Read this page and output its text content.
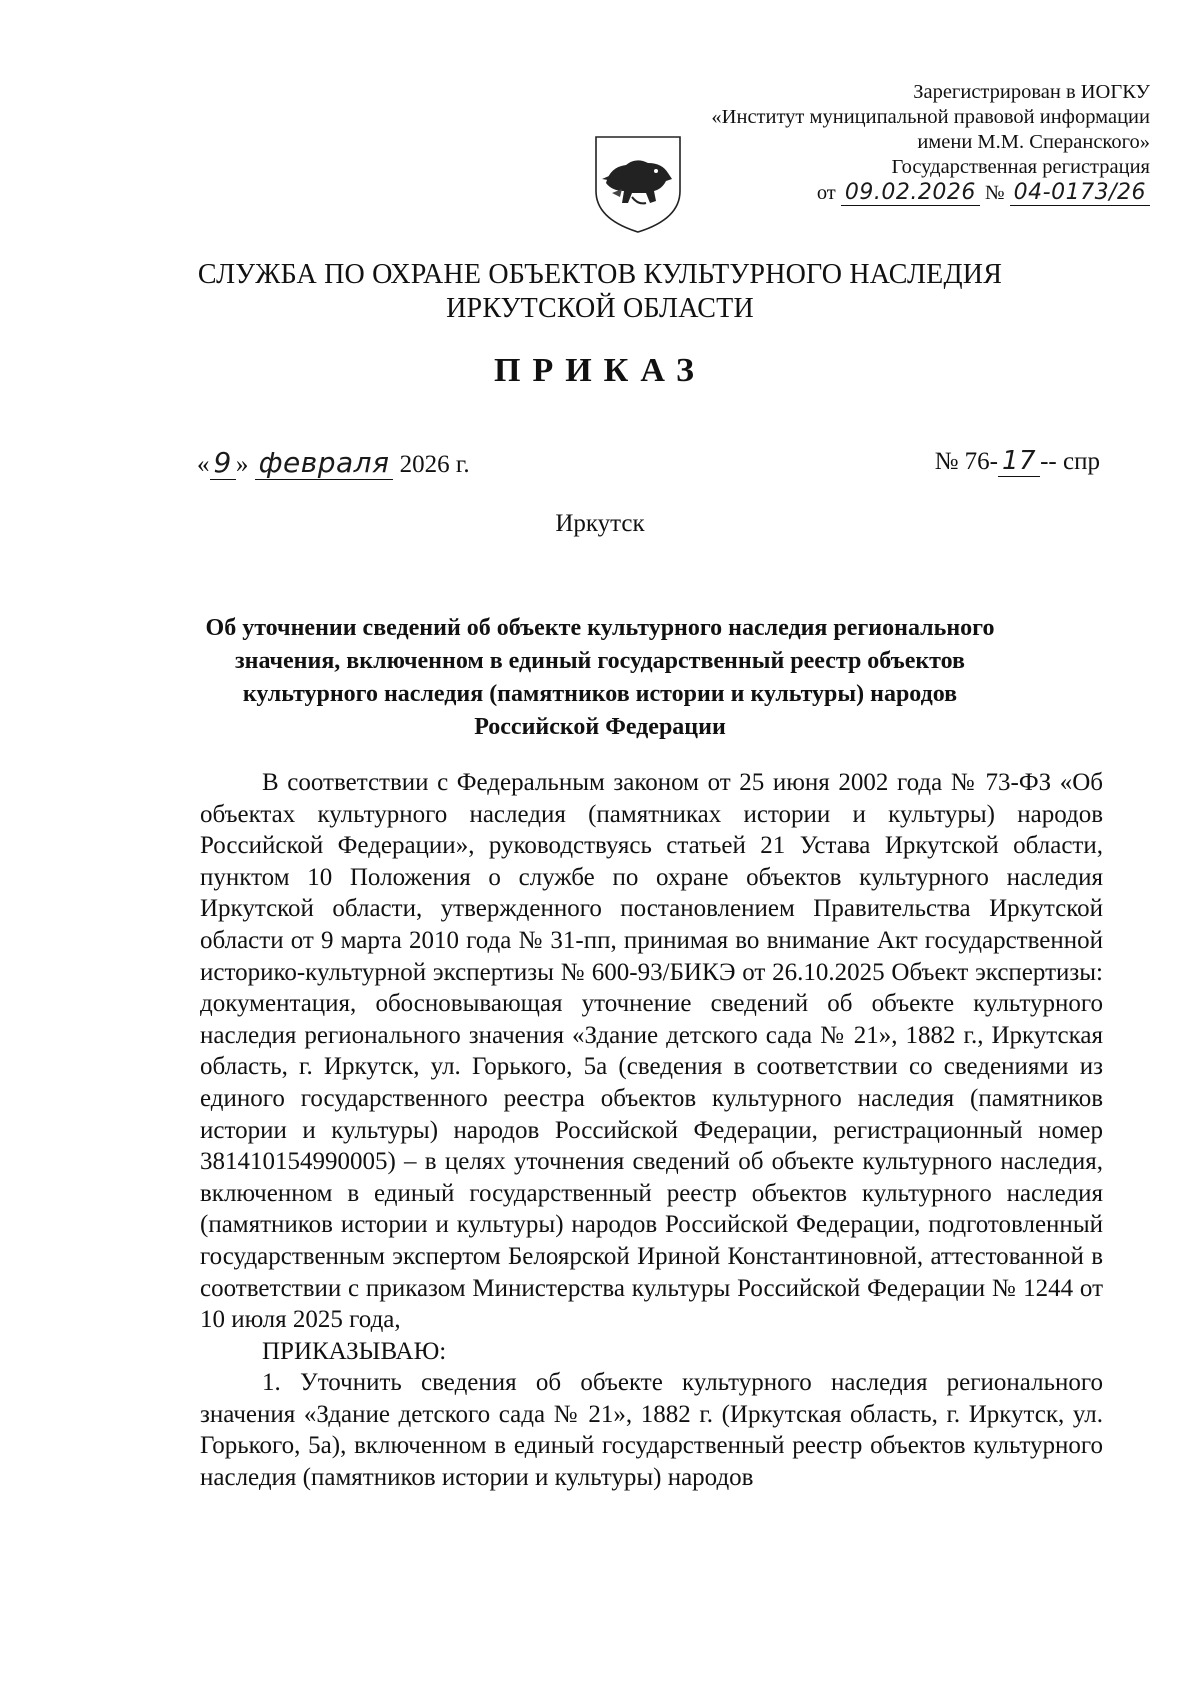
Зарегистрирован в ИОГКУ
«Институт муниципальной правовой информации
имени М.М. Сперанского»
Государственная регистрация
от 09.02.2026 № 04-0173/26
СЛУЖБА ПО ОХРАНЕ ОБЪЕКТОВ КУЛЬТУРНОГО НАСЛЕДИЯ
ИРКУТСКОЙ ОБЛАСТИ
ПРИКАЗ
« 9 » февраля 2026 г.	№ 76- 17 -- спр
Иркутск
Об уточнении сведений об объекте культурного наследия регионального
значения, включенном в единый государственный реестр объектов
культурного наследия (памятников истории и культуры) народов
Российской Федерации

В соответствии с Федеральным законом от 25 июня 2002 года № 73-ФЗ «Об объектах культурного наследия (памятниках истории и культуры) народов Российской Федерации», руководствуясь статьей 21 Устава Иркутской области, пунктом 10 Положения о службе по охране объектов культурного наследия Иркутской области, утвержденного постановлением Правительства Иркутской области от 9 марта 2010 года № 31-пп, принимая во внимание Акт государственной историко-культурной экспертизы № 600-93/БИКЭ от 26.10.2025 Объект экспертизы: документация, обосновывающая уточнение сведений об объекте культурного наследия регионального значения «Здание детского сада № 21», 1882 г., Иркутская область, г. Иркутск, ул. Горького, 5а (сведения в соответствии со сведениями из единого государственного реестра объектов культурного наследия (памятников истории и культуры) народов Российской Федерации, регистрационный номер 381410154990005) – в целях уточнения сведений об объекте культурного наследия, включенном в единый государственный реестр объектов культурного наследия (памятников истории и культуры) народов Российской Федерации, подготовленный государственным экспертом Белоярской Ириной Константиновной, аттестованной в соответствии с приказом Министерства культуры Российской Федерации № 1244 от 10 июля 2025 года,

ПРИКАЗЫВАЮ:

1. Уточнить сведения об объекте культурного наследия регионального значения «Здание детского сада № 21», 1882 г. (Иркутская область, г. Иркутск, ул. Горького, 5а), включенном в единый государственный реестр объектов культурного наследия (памятников истории и культуры) народов
